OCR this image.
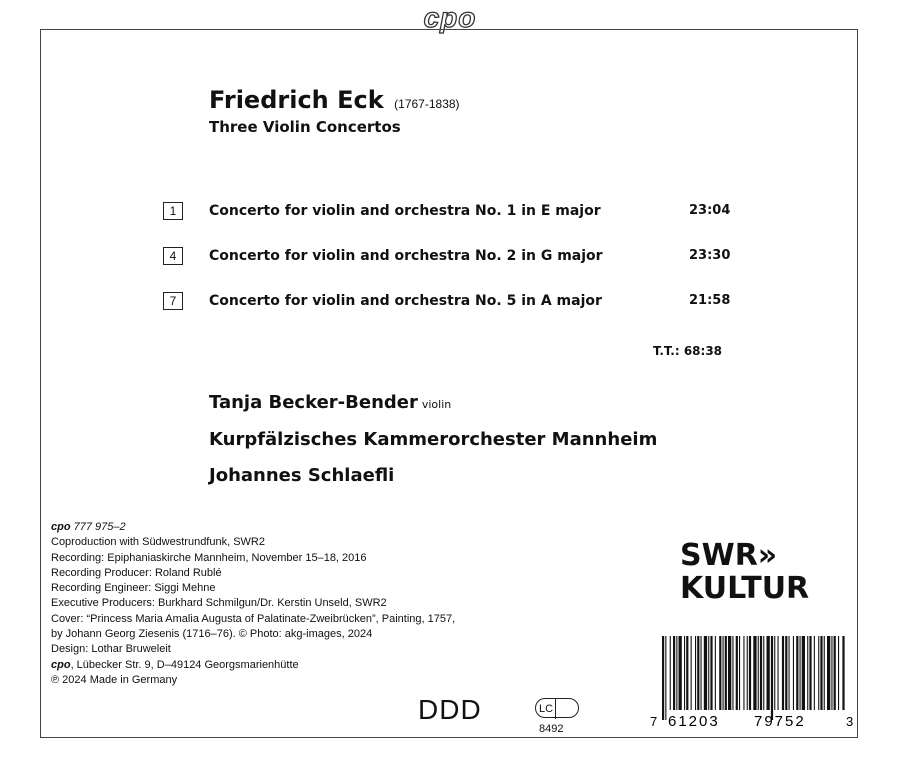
cpo
Friedrich Eck (1767-1838)
Three Violin Concertos
1	Concerto for violin and orchestra No. 1 in E major	23:04
4	Concerto for violin and orchestra No. 2 in G major	23:30
7	Concerto for violin and orchestra No. 5 in A major	21:58
T.T.: 68:38
Tanja Becker-Bender violin
Kurpfälzisches Kammerorchester Mannheim
Johannes Schlaefli
cpo 777 975–2
Coproduction with Südwestrundfunk, SWR2
Recording: Epiphaniaskirche Mannheim, November 15–18, 2016
Recording Producer: Roland Rublé
Recording Engineer: Siggi Mehne
Executive Producers: Burkhard Schmilgun/Dr. Kerstin Unseld, SWR2
Cover: “Princess Maria Amalia Augusta of Palatinate-Zweibrücken”, Painting, 1757,
by Johann Georg Ziesenis (1716–76). © Photo: akg-images, 2024
Design: Lothar Bruweleit
cpo, Lübecker Str. 9, D–49124 Georgsmarienhütte
℗ 2024 Made in Germany
DDD	LC8492
SWR»
KULTUR
7 61203 79752	3
